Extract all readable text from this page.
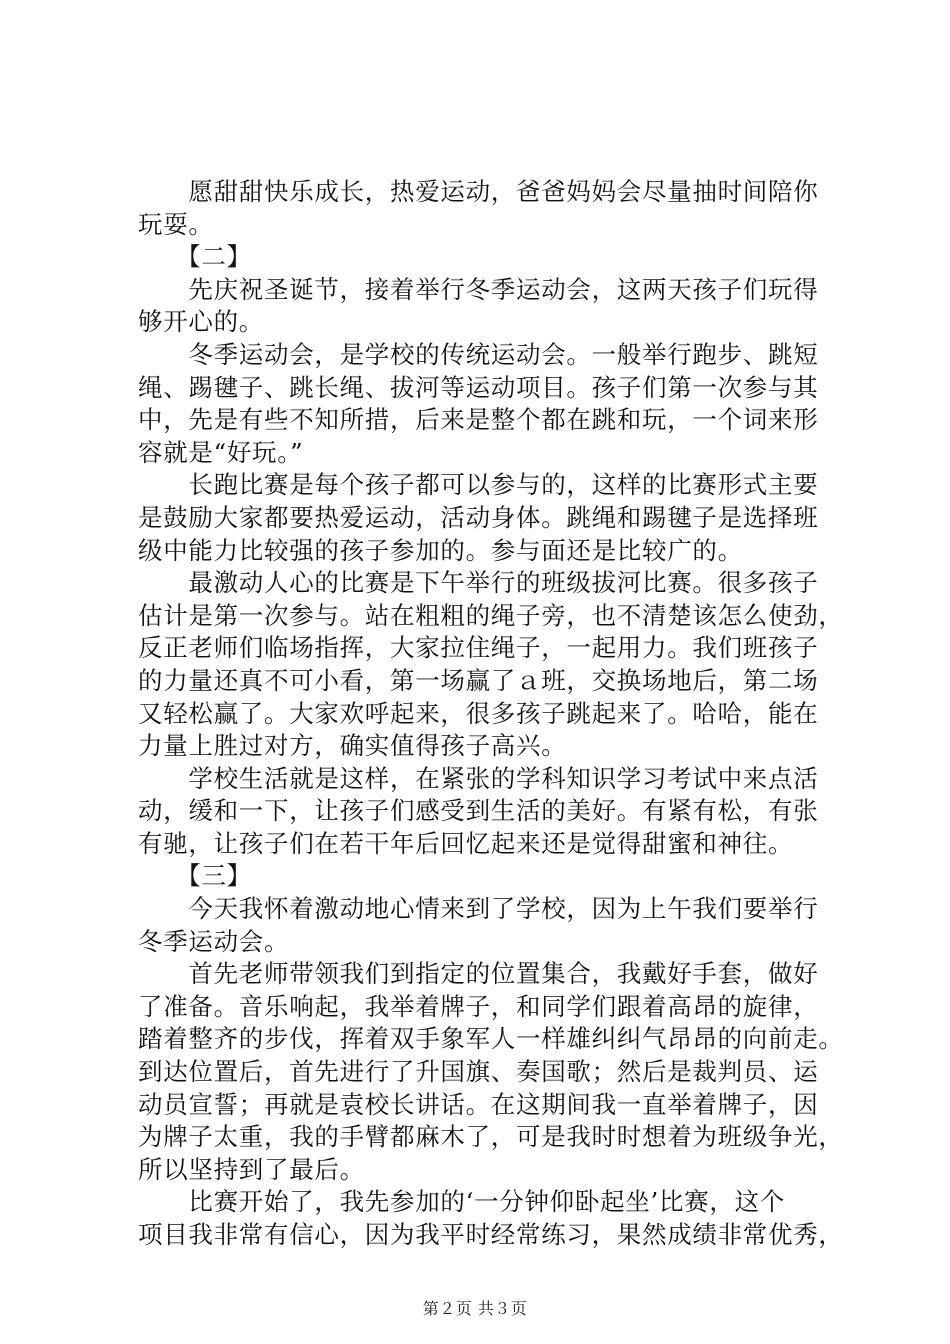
　　愿甜甜快乐成长，热爱运动，爸爸妈妈会尽量抽时间陪你
玩耍。
　　【二】
　　先庆祝圣诞节，接着举行冬季运动会，这两天孩子们玩得
够开心的。
　　冬季运动会，是学校的传统运动会。一般举行跑步、跳短
绳、踢毽子、跳长绳、拔河等运动项目。孩子们第一次参与其
中，先是有些不知所措，后来是整个都在跳和玩，一个词来形
容就是“好玩。”
　　长跑比赛是每个孩子都可以参与的，这样的比赛形式主要
是鼓励大家都要热爱运动，活动身体。跳绳和踢毽子是选择班
级中能力比较强的孩子参加的。参与面还是比较广的。
　　最激动人心的比赛是下午举行的班级拔河比赛。很多孩子
估计是第一次参与。站在粗粗的绳子旁，也不清楚该怎么使劲，
反正老师们临场指挥，大家拉住绳子，一起用力。我们班孩子
的力量还真不可小看，第一场赢了ａ班，交换场地后，第二场
又轻松赢了。大家欢呼起来，很多孩子跳起来了。哈哈，能在
力量上胜过对方，确实值得孩子高兴。
　　学校生活就是这样，在紧张的学科知识学习考试中来点活
动，缓和一下，让孩子们感受到生活的美好。有紧有松，有张
有驰，让孩子们在若干年后回忆起来还是觉得甜蜜和神往。
　　【三】
　　今天我怀着激动地心情来到了学校，因为上午我们要举行
冬季运动会。
　　首先老师带领我们到指定的位置集合，我戴好手套，做好
了准备。音乐响起，我举着牌子，和同学们跟着高昂的旋律，
踏着整齐的步伐，挥着双手象军人一样雄纠纠气昂昂的向前走。
到达位置后，首先进行了升国旗、奏国歌；然后是裁判员、运
动员宣誓；再就是袁校长讲话。在这期间我一直举着牌子，因
为牌子太重，我的手臂都麻木了，可是我时时想着为班级争光，
所以坚持到了最后。
　　比赛开始了，我先参加的‘一分钟仰卧起坐’比赛，这个
项目我非常有信心，因为我平时经常练习，果然成绩非常优秀，
第２页 共３页
